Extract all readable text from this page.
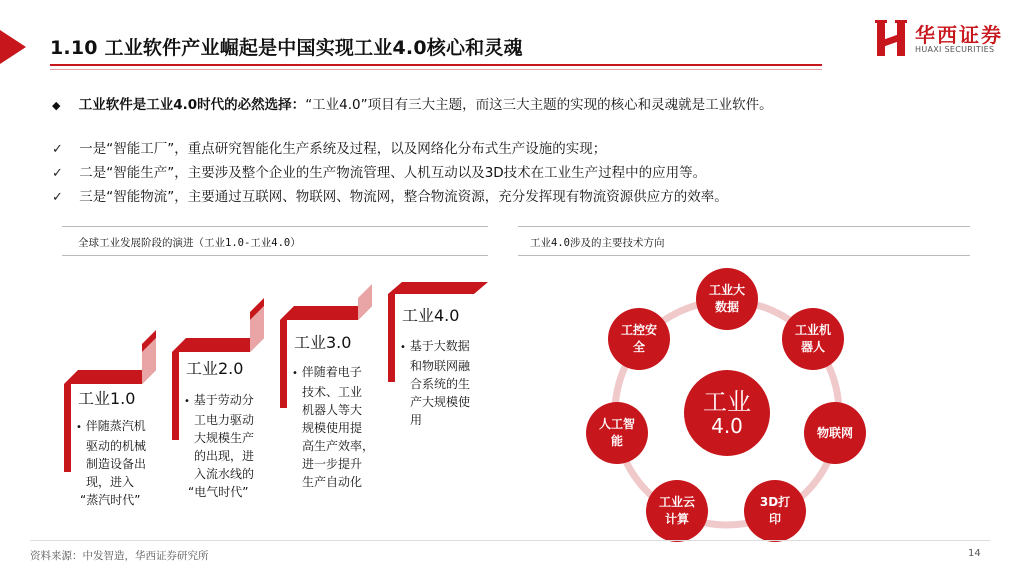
1.10 工业软件产业崛起是中国实现工业4.0核心和灵魂
华西证券
HUAXI SECURITIES
◆ 工业软件是工业4.0时代的必然选择：“工业4.0”项目有三大主题，而这三大主题的实现的核心和灵魂就是工业软件。
✓ 一是“智能工厂”，重点研究智能化生产系统及过程，以及网络化分布式生产设施的实现；
✓ 二是“智能生产”，主要涉及整个企业的生产物流管理、人机互动以及3D技术在工业生产过程中的应用等。
✓ 三是“智能物流”，主要通过互联网、物联网、物流网，整合物流资源，充分发挥现有物流资源供应方的效率。
全球工业发展阶段的演进（工业1.0-工业4.0）	工业4.0涉及的主要技术方向
工业1.0
工业2.0
工业3.0
工业4.0
• 伴随蒸汽机
驱动的机械
制造设备出
现，进入
“蒸汽时代”
• 基于劳动分
工电力驱动
大规模生产
的出现，进
入流水线的
“电气时代”
• 伴随着电子
技术、工业
机器人等大
规模使用提
高生产效率，
进一步提升
生产自动化
• 基于大数据
和物联网融
合系统的生
产大规模使
用
工业
4.0
工业大数据
工业机器人
物联网
3D打印
工业云计算
人工智能
工控安全
资料来源：中发智造，华西证券研究所	14
